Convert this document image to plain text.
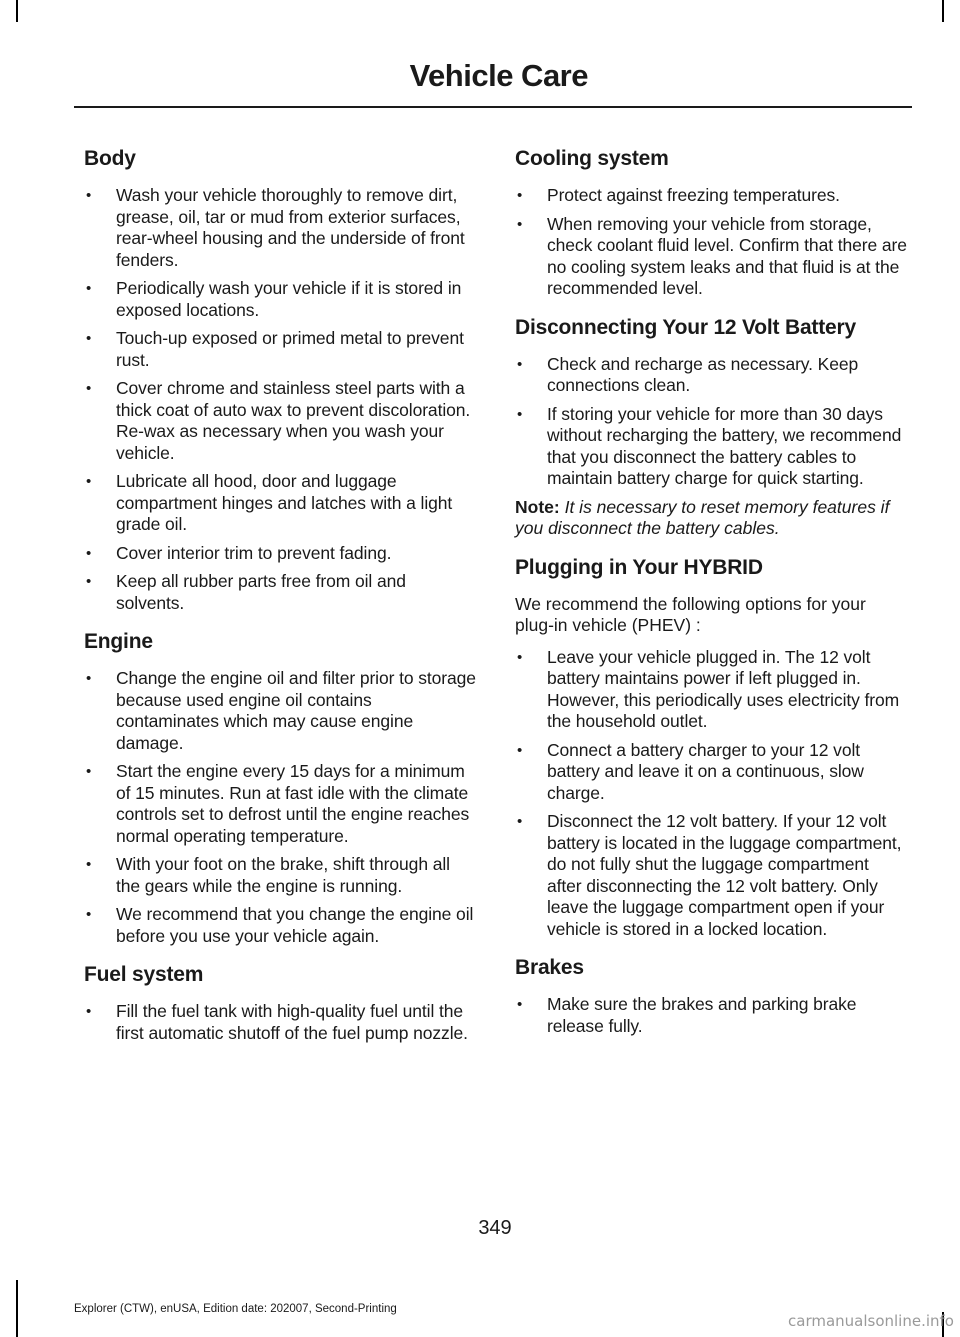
Vehicle Care
Body
• Wash your vehicle thoroughly to remove dirt, grease, oil, tar or mud from exterior surfaces, rear-wheel housing and the underside of front fenders.
• Periodically wash your vehicle if it is stored in exposed locations.
• Touch-up exposed or primed metal to prevent rust.
• Cover chrome and stainless steel parts with a thick coat of auto wax to prevent discoloration. Re-wax as necessary when you wash your vehicle.
• Lubricate all hood, door and luggage compartment hinges and latches with a light grade oil.
• Cover interior trim to prevent fading.
• Keep all rubber parts free from oil and solvents.
Engine
• Change the engine oil and filter prior to storage because used engine oil contains contaminates which may cause engine damage.
• Start the engine every 15 days for a minimum of 15 minutes. Run at fast idle with the climate controls set to defrost until the engine reaches normal operating temperature.
• With your foot on the brake, shift through all the gears while the engine is running.
• We recommend that you change the engine oil before you use your vehicle again.
Fuel system
• Fill the fuel tank with high-quality fuel until the first automatic shutoff of the fuel pump nozzle.
Cooling system
• Protect against freezing temperatures.
• When removing your vehicle from storage, check coolant fluid level. Confirm that there are no cooling system leaks and that fluid is at the recommended level.
Disconnecting Your 12 Volt Battery
• Check and recharge as necessary. Keep connections clean.
• If storing your vehicle for more than 30 days without recharging the battery, we recommend that you disconnect the battery cables to maintain battery charge for quick starting.

Note: It is necessary to reset memory features if you disconnect the battery cables.

Plugging in Your HYBRID

We recommend the following options for your plug-in vehicle (PHEV) :

• Leave your vehicle plugged in. The 12 volt battery maintains power if left plugged in. However, this periodically uses electricity from the household outlet.
• Connect a battery charger to your 12 volt battery and leave it on a continuous, slow charge.
• Disconnect the 12 volt battery. If your 12 volt battery is located in the luggage compartment, do not fully shut the luggage compartment after disconnecting the 12 volt battery. Only leave the luggage compartment open if your vehicle is stored in a locked location.
Brakes
• Make sure the brakes and parking brake release fully.
349
Explorer (CTW), enUSA, Edition date: 202007, Second-Printing
carmanualsonline.info
